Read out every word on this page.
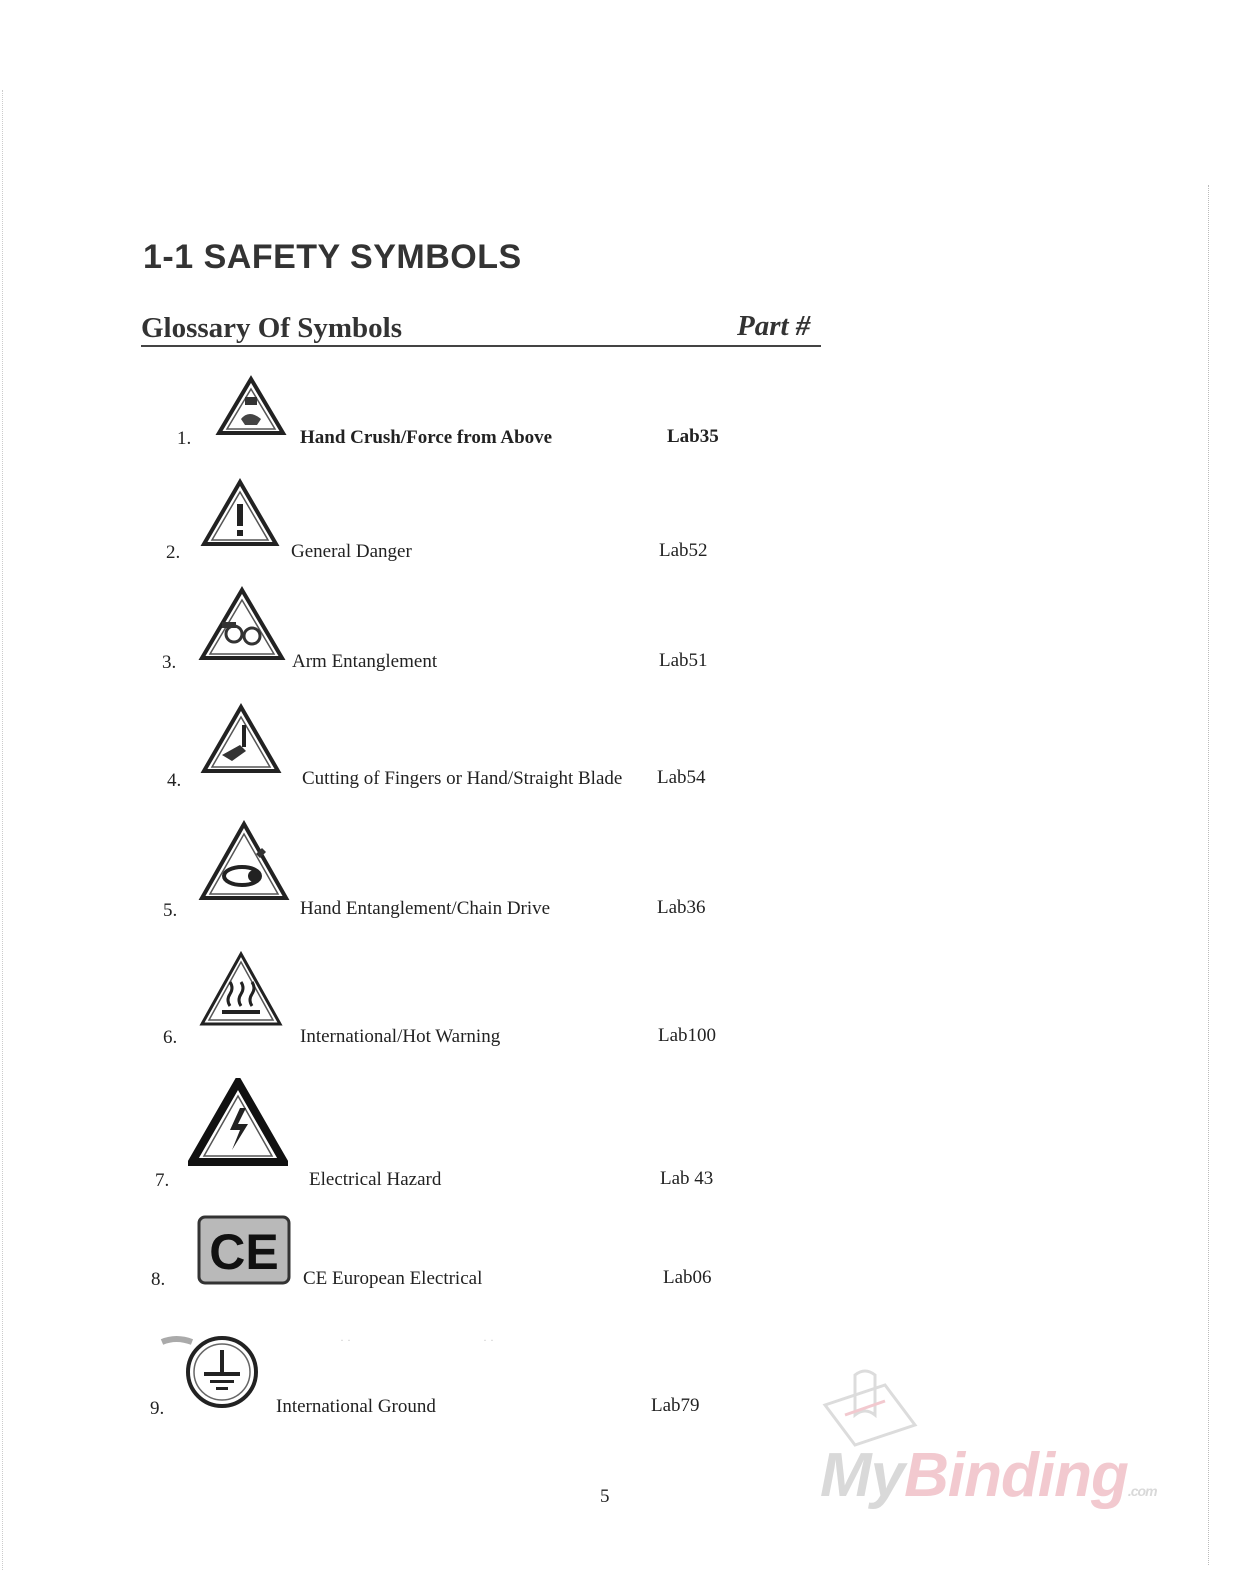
1-1 SAFETY SYMBOLS
Glossary Of Symbols	Part #
1.	Hand Crush/Force from Above	Lab35
2.	General Danger	Lab52
3.	Arm Entanglement	Lab51
4.	Cutting of Fingers or Hand/Straight Blade Lab54
5.	Hand Entanglement/Chain Drive	Lab36
6.	International/Hot Warning	Lab100
7.	Electrical Hazard	Lab 43
8. CE CE European Electrical	Lab06
9.	International Ground	Lab79
· ·                                            · ·
5	MyBinding.com
